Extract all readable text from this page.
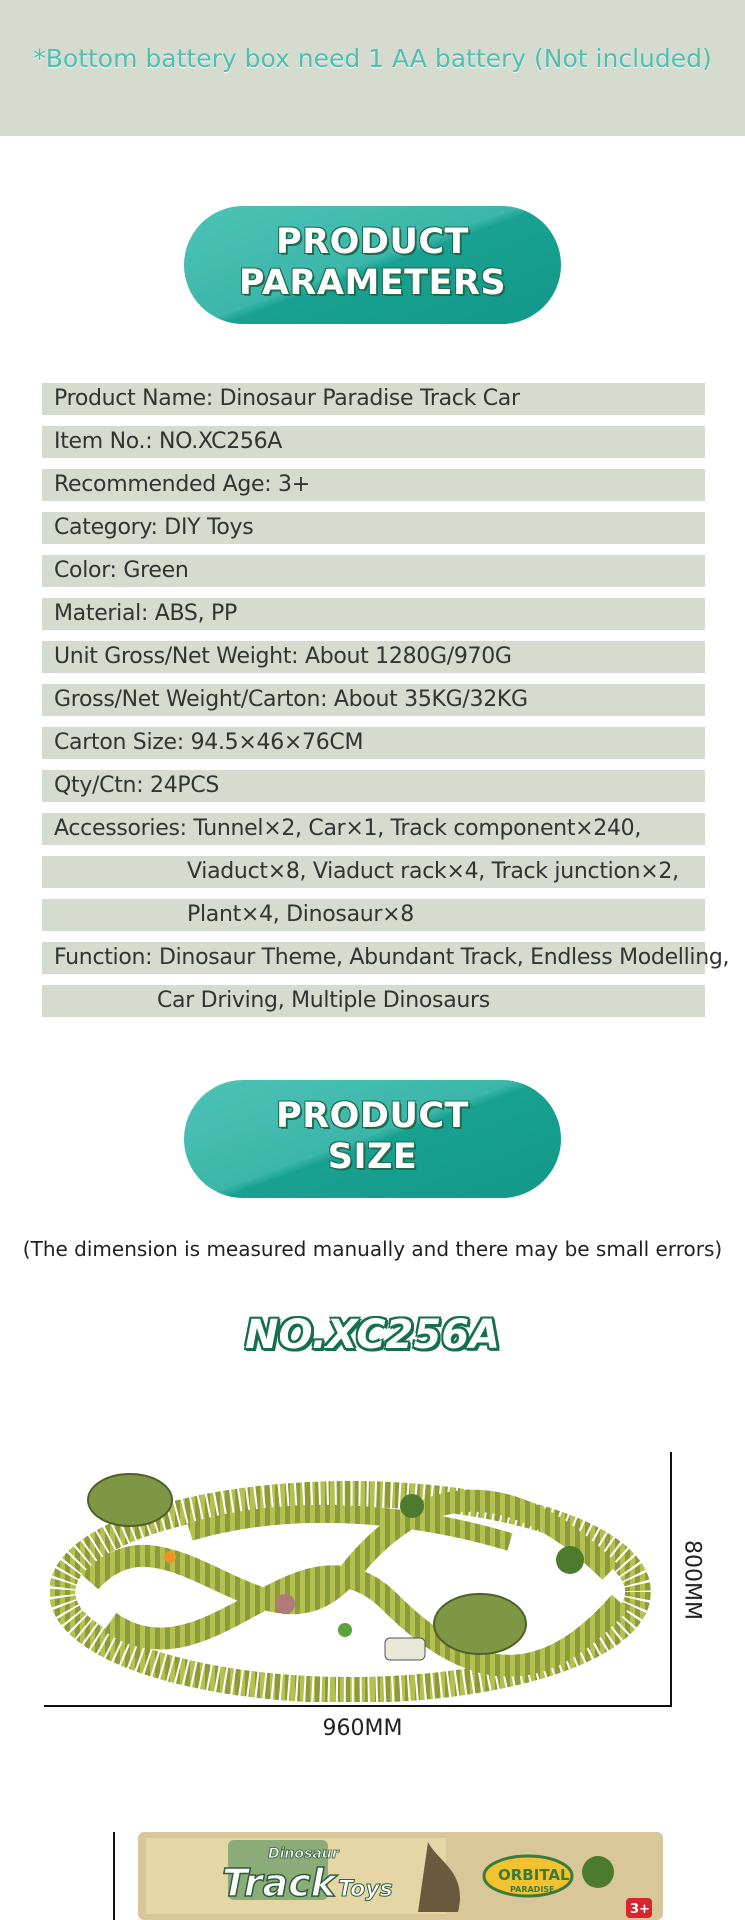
*Bottom battery box need 1 AA battery (Not included)
PRODUCT
PARAMETERS
Product Name: Dinosaur Paradise Track Car
Item No.: NO.XC256A
Recommended Age: 3+
Category: DIY Toys
Color: Green
Material: ABS, PP
Unit Gross/Net Weight: About 1280G/970G
Gross/Net Weight/Carton: About 35KG/32KG
Carton Size: 94.5×46×76CM
Qty/Ctn: 24PCS
Accessories: Tunnel×2, Car×1, Track component×240,
Viaduct×8, Viaduct rack×4, Track junction×2,
Plant×4, Dinosaur×8
Function: Dinosaur Theme, Abundant Track, Endless Modelling,
Car Driving, Multiple Dinosaurs
PRODUCT
SIZE
(The dimension is measured manually and there may be small errors)
NO.XC256A
800MM
960MM
Dinosaur
Track Toys
ORBITAL
PARADISE
3+
